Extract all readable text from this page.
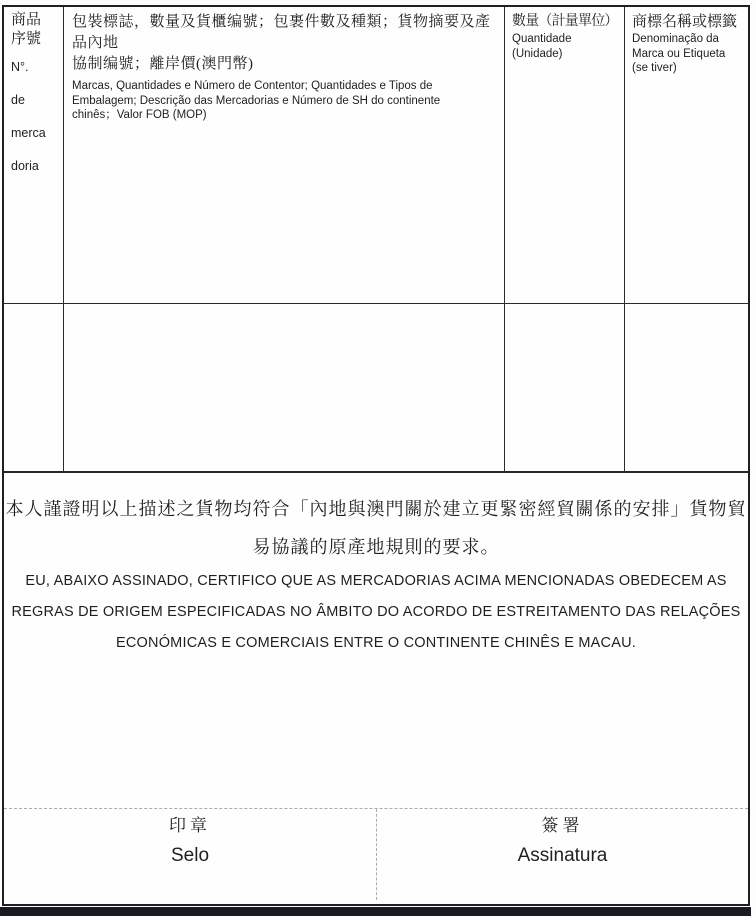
商品
序號
N°.
de
merca
doria
包裝標誌，數量及貨櫃编號；包裹件數及種類；貨物摘要及產品內地
協制编號；離岸價(澳門幣)
Marcas, Quantidades e Número de Contentor; Quantidades e Tipos de
Embalagem; Descrição das Mercadorias e Número de SH do continente
chinês；Valor FOB (MOP)
數量（計量單位）
Quantidade
(Unidade)
商標名稱或標籤
Denominação da
Marca ou Etiqueta
(se tiver)
本人謹證明以上描述之貨物均符合「內地與澳門關於建立更緊密經貿關係的安排」貨物貿
易協議的原產地規則的要求。
EU, ABAIXO ASSINADO, CERTIFICO QUE AS MERCADORIAS ACIMA MENCIONADAS OBEDECEM AS
REGRAS DE ORIGEM ESPECIFICADAS NO ÂMBITO DO ACORDO DE ESTREITAMENTO DAS RELAÇÕES
ECONÓMICAS E COMERCIAIS ENTRE O CONTINENTE CHINÊS E MACAU.
印章
Selo
簽署
Assinatura
